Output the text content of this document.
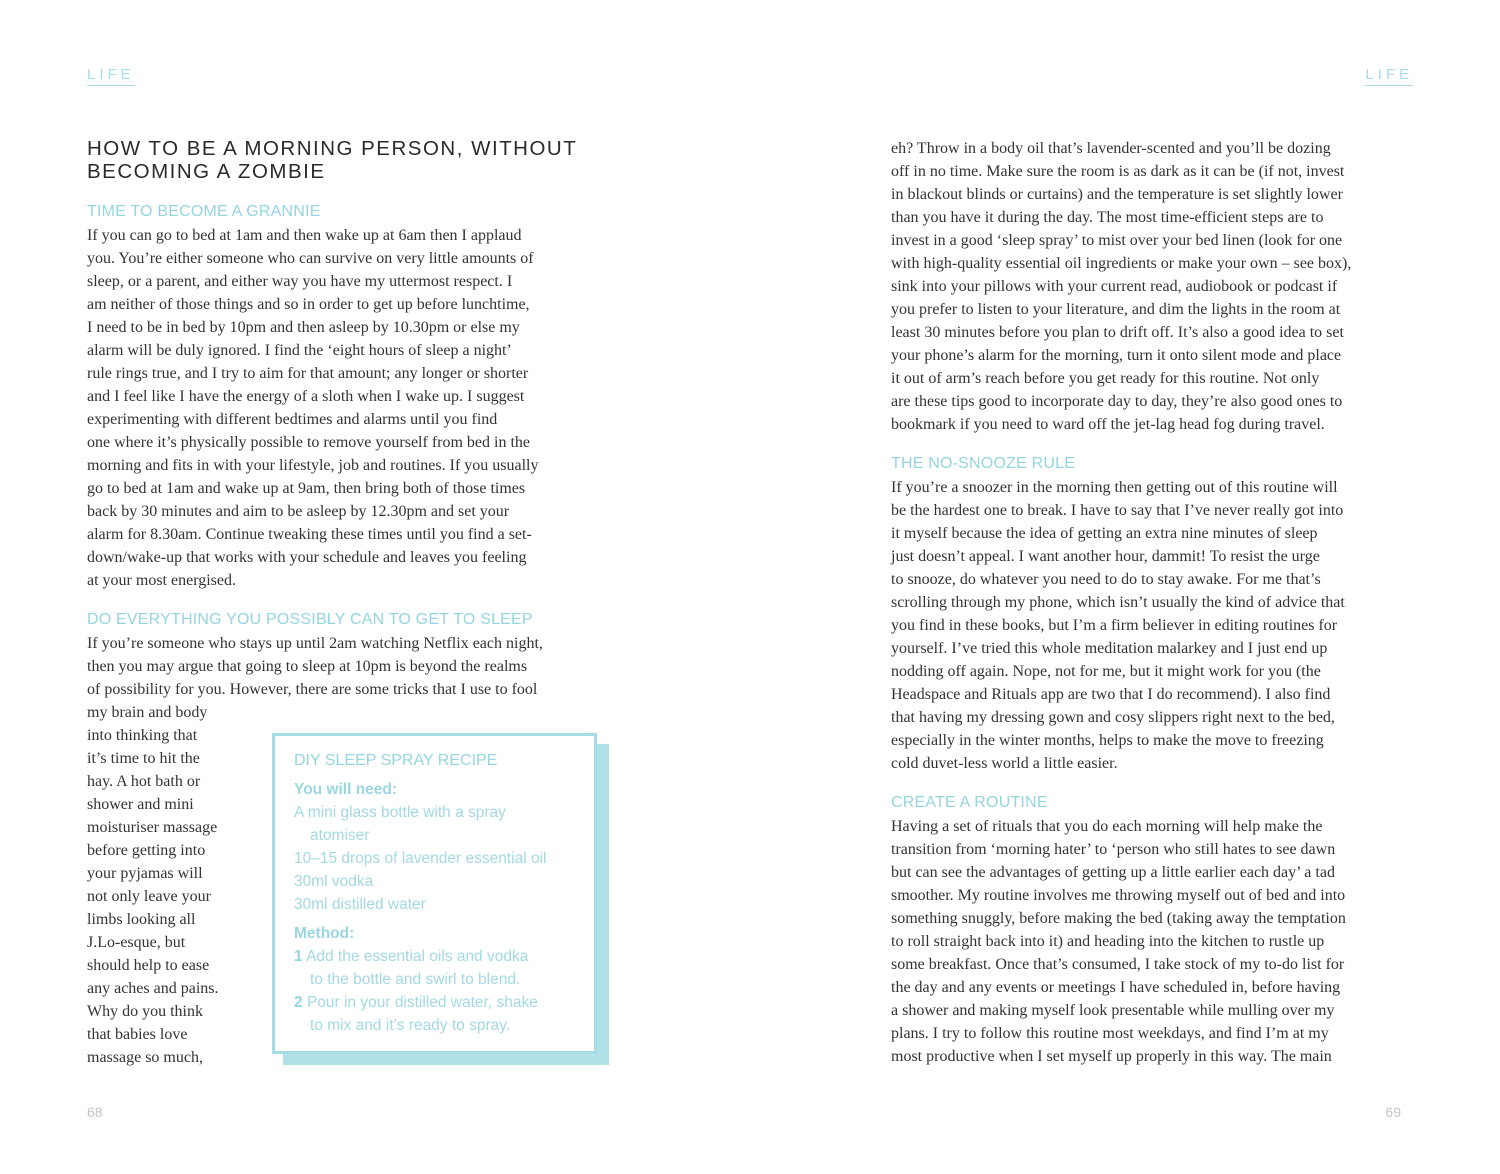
LIFE
HOW TO BE A MORNING PERSON, WITHOUT
BECOMING A ZOMBIE
TIME TO BECOME A GRANNIE
If you can go to bed at 1am and then wake up at 6am then I applaud
you. You’re either someone who can survive on very little amounts of
sleep, or a parent, and either way you have my uttermost respect. I
am neither of those things and so in order to get up before lunchtime,
I need to be in bed by 10pm and then asleep by 10.30pm or else my
alarm will be duly ignored. I find the ‘eight hours of sleep a night’
rule rings true, and I try to aim for that amount; any longer or shorter
and I feel like I have the energy of a sloth when I wake up. I suggest
experimenting with different bedtimes and alarms until you find
one where it’s physically possible to remove yourself from bed in the
morning and fits in with your lifestyle, job and routines. If you usually
go to bed at 1am and wake up at 9am, then bring both of those times
back by 30 minutes and aim to be asleep by 12.30pm and set your
alarm for 8.30am. Continue tweaking these times until you find a set-
down/wake-up that works with your schedule and leaves you feeling
at your most energised.
DO EVERYTHING YOU POSSIBLY CAN TO GET TO SLEEP
If you’re someone who stays up until 2am watching Netflix each night,
then you may argue that going to sleep at 10pm is beyond the realms
of possibility for you. However, there are some tricks that I use to fool
my brain and body
into thinking that
it’s time to hit the
hay. A hot bath or
shower and mini
moisturiser massage
before getting into
your pyjamas will
not only leave your
limbs looking all
J.Lo-esque, but
should help to ease
any aches and pains.
Why do you think
that babies love
massage so much,
68
DIY SLEEP SPRAY RECIPE
You will need:
A mini glass bottle with a spray
atomiser
10–15 drops of lavender essential oil
30ml vodka
30ml distilled water
Method:
1 Add the essential oils and vodka
to the bottle and swirl to blend.
2 Pour in your distilled water, shake
to mix and it’s ready to spray.
LIFE
eh? Throw in a body oil that’s lavender-scented and you’ll be dozing
off in no time. Make sure the room is as dark as it can be (if not, invest
in blackout blinds or curtains) and the temperature is set slightly lower
than you have it during the day. The most time-efficient steps are to
invest in a good ‘sleep spray’ to mist over your bed linen (look for one
with high-quality essential oil ingredients or make your own – see box),
sink into your pillows with your current read, audiobook or podcast if
you prefer to listen to your literature, and dim the lights in the room at
least 30 minutes before you plan to drift off. It’s also a good idea to set
your phone’s alarm for the morning, turn it onto silent mode and place
it out of arm’s reach before you get ready for this routine. Not only
are these tips good to incorporate day to day, they’re also good ones to
bookmark if you need to ward off the jet-lag head fog during travel.
THE NO-SNOOZE RULE
If you’re a snoozer in the morning then getting out of this routine will
be the hardest one to break. I have to say that I’ve never really got into
it myself because the idea of getting an extra nine minutes of sleep
just doesn’t appeal. I want another hour, dammit! To resist the urge
to snooze, do whatever you need to do to stay awake. For me that’s
scrolling through my phone, which isn’t usually the kind of advice that
you find in these books, but I’m a firm believer in editing routines for
yourself. I’ve tried this whole meditation malarkey and I just end up
nodding off again. Nope, not for me, but it might work for you (the
Headspace and Rituals app are two that I do recommend). I also find
that having my dressing gown and cosy slippers right next to the bed,
especially in the winter months, helps to make the move to freezing
cold duvet-less world a little easier.
CREATE A ROUTINE
Having a set of rituals that you do each morning will help make the
transition from ‘morning hater’ to ‘person who still hates to see dawn
but can see the advantages of getting up a little earlier each day’ a tad
smoother. My routine involves me throwing myself out of bed and into
something snuggly, before making the bed (taking away the temptation
to roll straight back into it) and heading into the kitchen to rustle up
some breakfast. Once that’s consumed, I take stock of my to-do list for
the day and any events or meetings I have scheduled in, before having
a shower and making myself look presentable while mulling over my
plans. I try to follow this routine most weekdays, and find I’m at my
most productive when I set myself up properly in this way. The main
69
